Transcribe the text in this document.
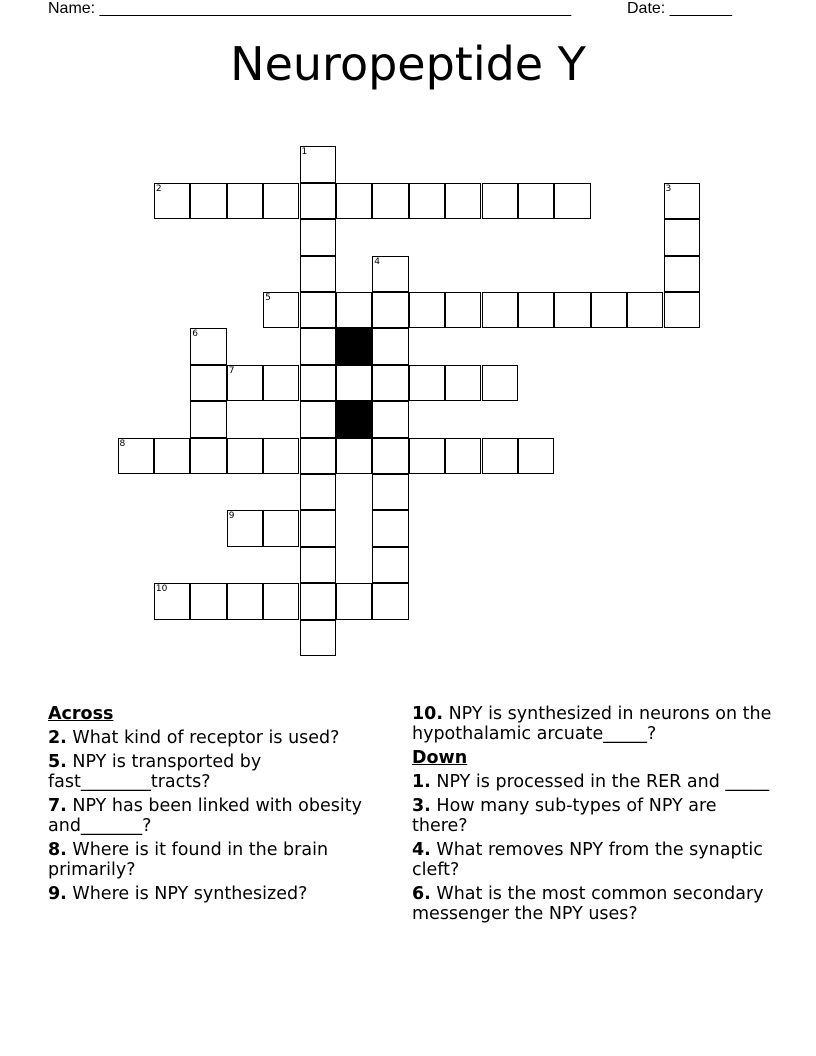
Name: _____________________________________________________	Date: _______
Neuropeptide Y
1
2	3
4
5
6
7
8
9
10
Across
2. What kind of receptor is used?
5. NPY is transported by fast________tracts?
7. NPY has been linked with obesity and_______?
8. Where is it found in the brain primarily?
9. Where is NPY synthesized?
10. NPY is synthesized in neurons on the hypothalamic arcuate_____?
Down
1. NPY is processed in the RER and _____
3. How many sub-types of NPY are there?
4. What removes NPY from the synaptic cleft?
6. What is the most common secondary messenger the NPY uses?
